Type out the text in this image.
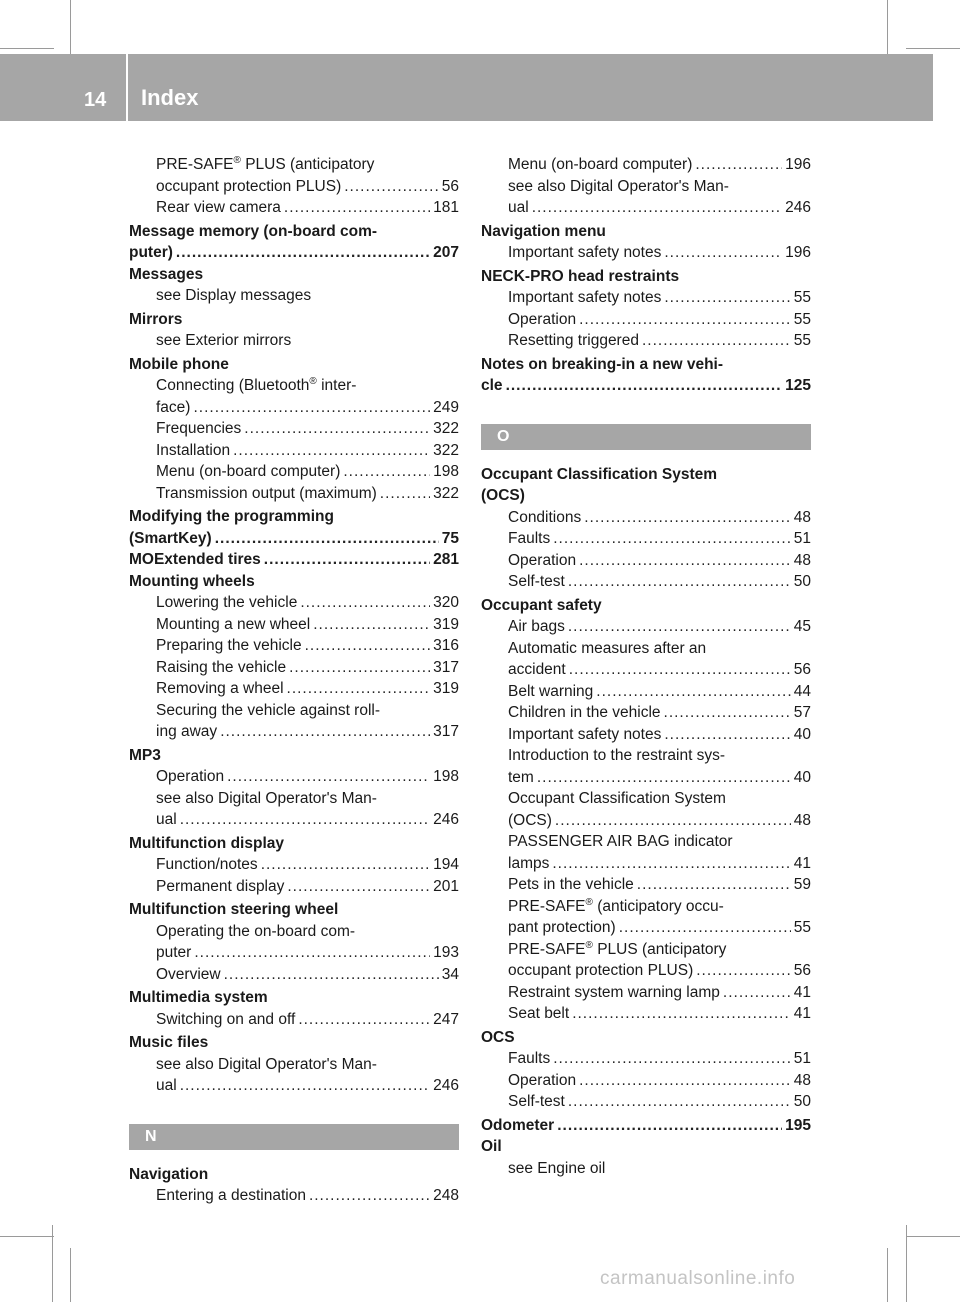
14 Index
PRE-SAFE® PLUS (anticipatory
occupant protection PLUS) .....	56
Rear view camera .....	181
Message memory (on-board com-
puter) .....	207
Messages
see Display messages
Mirrors
see Exterior mirrors
Mobile phone
Connecting (Bluetooth® inter-
face) .....	249
Frequencies .....	322
Installation .....	322
Menu (on-board computer) .....	198
Transmission output (maximum) .....	322
Modifying the programming
(SmartKey) .....	75
MOExtended tires .....	281
Mounting wheels
Lowering the vehicle .....	320
Mounting a new wheel .....	319
Preparing the vehicle .....	316
Raising the vehicle .....	317
Removing a wheel .....	319
Securing the vehicle against roll-
ing away .....	317
MP3
Operation .....	198
see also Digital Operator's Man-
ual .....	246
Multifunction display
Function/notes .....	194
Permanent display .....	201
Multifunction steering wheel
Operating the on-board com-
puter .....	193
Overview .....	34
Multimedia system
Switching on and off .....	247
Music files
see also Digital Operator's Man-
ual .....	246
N
Navigation
Entering a destination .....	248
Menu (on-board computer) .....	196
see also Digital Operator's Man-
ual .....	246
Navigation menu
Important safety notes .....	196
NECK-PRO head restraints
Important safety notes .....	55
Operation .....	55
Resetting triggered .....	55
Notes on breaking-in a new vehi-
cle .....	125
O
Occupant Classification System
(OCS)
Conditions .....	48
Faults .....	51
Operation .....	48
Self-test .....	50
Occupant safety
Air bags .....	45
Automatic measures after an
accident .....	56
Belt warning .....	44
Children in the vehicle .....	57
Important safety notes .....	40
Introduction to the restraint sys-
tem .....	40
Occupant Classification System
(OCS) .....	48
PASSENGER AIR BAG indicator
lamps .....	41
Pets in the vehicle .....	59
PRE-SAFE® (anticipatory occu-
pant protection) .....	55
PRE-SAFE® PLUS (anticipatory
occupant protection PLUS) .....	56
Restraint system warning lamp .....	41
Seat belt .....	41
OCS
Faults .....	51
Operation .....	48
Self-test .....	50
Odometer .....	195
Oil
see Engine oil
carmanualsonline.info
